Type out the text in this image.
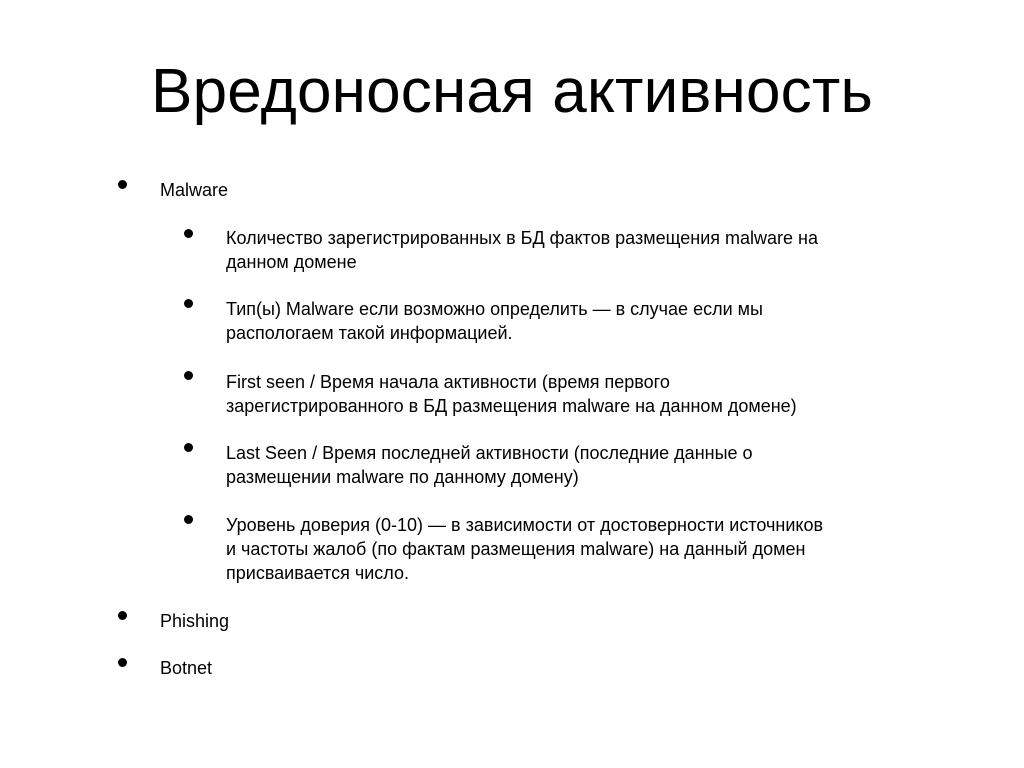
Вредоносная активность
Malware
Количество зарегистрированных в БД фактов размещения malware на
данном домене
Тип(ы) Malware если возможно определить — в случае если мы
распологаем такой информацией.
First seen / Время начала активности (время первого
зарегистрированного в БД размещения malware на данном домене)
Last Seen / Время последней активности (последние данные о
размещении malware по данному домену)
Уровень доверия (0-10) — в зависимости от достоверности источников
и частоты жалоб (по фактам размещения malware) на данный домен
присваивается число.
Phishing
Botnet
